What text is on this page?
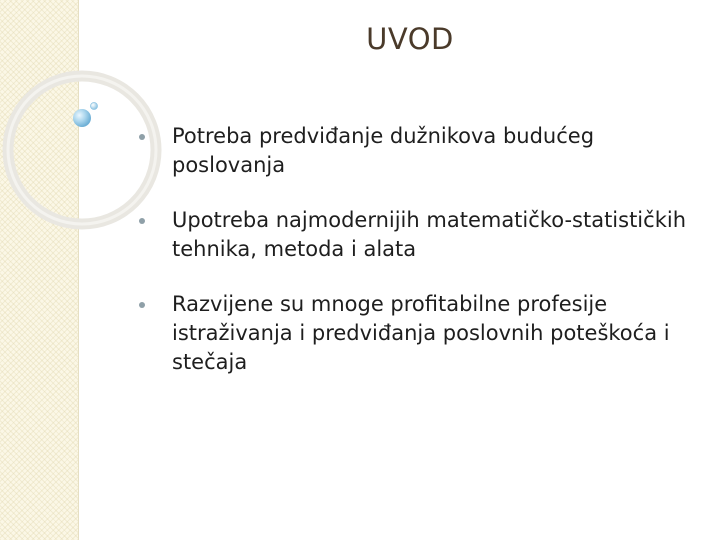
UVOD
Potreba predviđanje dužnikova budućeg poslovanja
Upotreba najmodernijih matematičko-statističkih tehnika, metoda i alata
Razvijene su mnoge profitabilne profesije istraživanja i predviđanja poslovnih poteškoća i stečaja
